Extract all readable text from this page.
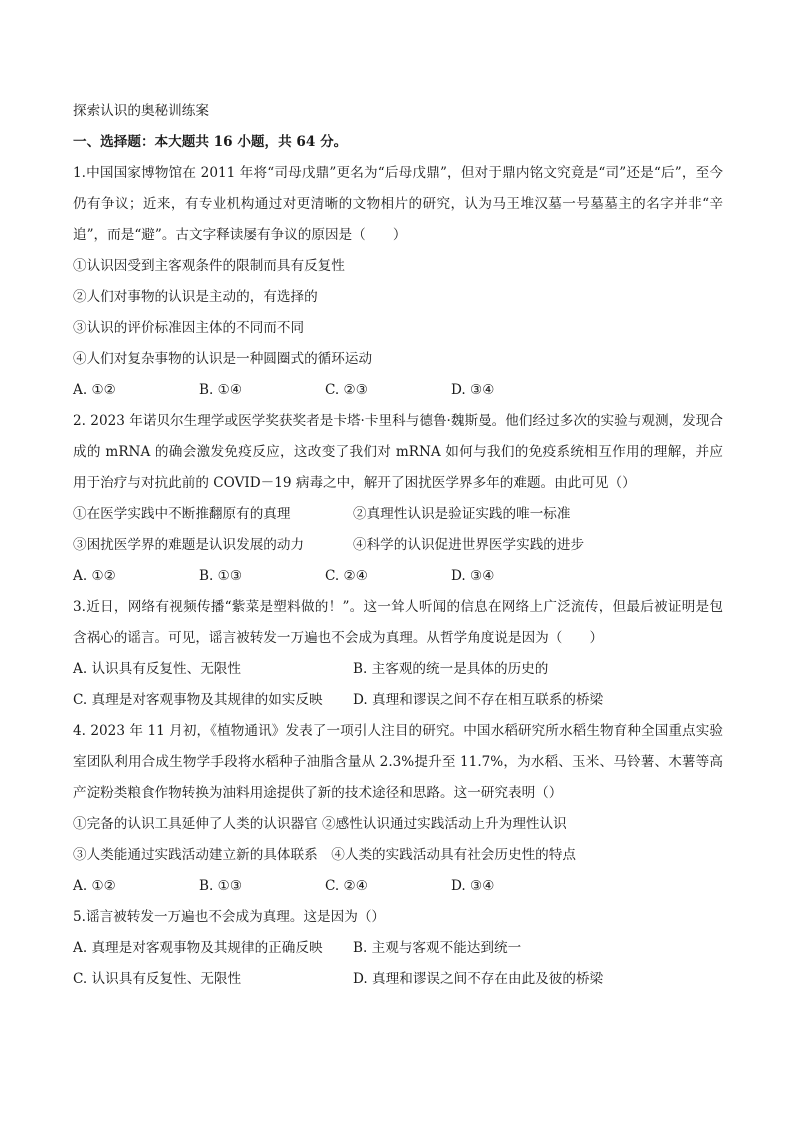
探索认识的奥秘训练案
一、选择题：本大题共 16 小题，共 64 分。
1.中国国家博物馆在 2011 年将“司母戊鼎”更名为“后母戊鼎”，但对于鼎内铭文究竟是“司”还是“后”，至今仍有争议；近来，有专业机构通过对更清晰的文物相片的研究，认为马王堆汉墓一号墓墓主的名字并非“辛追”，而是“避”。古文字释读屡有争议的原因是（　　）
①认识因受到主客观条件的限制而具有反复性
②人们对事物的认识是主动的，有选择的
③认识的评价标准因主体的不同而不同
④人们对复杂事物的认识是一种圆圈式的循环运动
A. ①②	B. ①④	C. ②③	D. ③④
2. 2023 年诺贝尔生理学或医学奖获奖者是卡塔·卡里科与德鲁·魏斯曼。他们经过多次的实验与观测，发现合成的 mRNA 的确会激发免疫反应，这改变了我们对 mRNA 如何与我们的免疫系统相互作用的理解，并应用于治疗与对抗此前的 COVID－19 病毒之中，解开了困扰医学界多年的难题。由此可见（）
①在医学实践中不断推翻原有的真理	②真理性认识是验证实践的唯一标准
③困扰医学界的难题是认识发展的动力	④科学的认识促进世界医学实践的进步
A. ①②	B. ①③	C. ②④	D. ③④
3.近日，网络有视频传播“紫菜是塑料做的！”。这一耸人听闻的信息在网络上广泛流传，但最后被证明是包含祸心的谣言。可见，谣言被转发一万遍也不会成为真理。从哲学角度说是因为（　　）
A. 认识具有反复性、无限性	B. 主客观的统一是具体的历史的
C. 真理是对客观事物及其规律的如实反映	D. 真理和谬误之间不存在相互联系的桥梁
4. 2023 年 11 月初，《植物通讯》发表了一项引人注目的研究。中国水稻研究所水稻生物育种全国重点实验室团队利用合成生物学手段将水稻种子油脂含量从 2.3%提升至 11.7%，为水稻、玉米、马铃薯、木薯等高产淀粉类粮食作物转换为油料用途提供了新的技术途径和思路。这一研究表明（）
①完备的认识工具延伸了人类的认识器官 ②感性认识通过实践活动上升为理性认识
③人类能通过实践活动建立新的具体联系　④人类的实践活动具有社会历史性的特点
A. ①②	B. ①③	C. ②④	D. ③④
5.谣言被转发一万遍也不会成为真理。这是因为（）
A. 真理是对客观事物及其规律的正确反映	B. 主观与客观不能达到统一
C. 认识具有反复性、无限性	D. 真理和谬误之间不存在由此及彼的桥梁
